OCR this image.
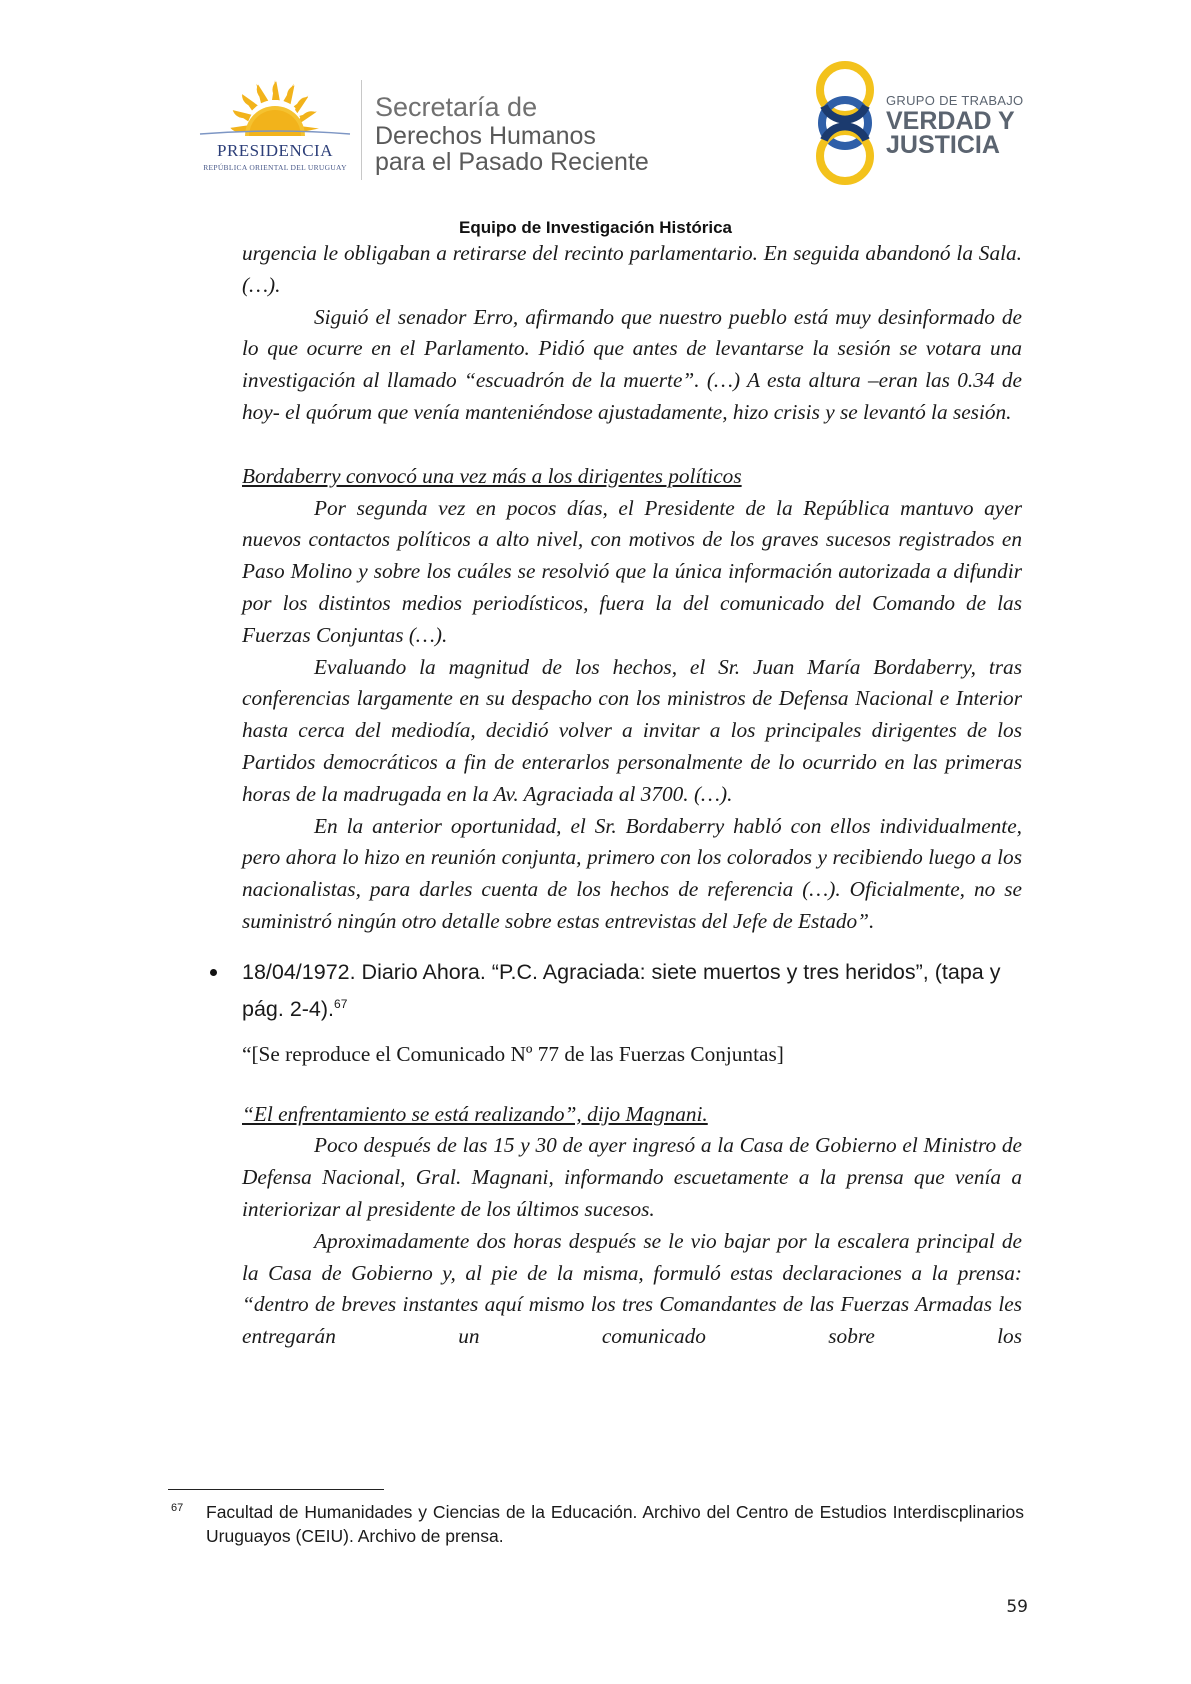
PRESIDENCIA
REPÚBLICA ORIENTAL DEL URUGUAY
Secretaría de
Derechos Humanos
para el Pasado Reciente
GRUPO DE TRABAJO
VERDAD Y
JUSTICIA
Equipo de Investigación Histórica

urgencia le obligaban a retirarse del recinto parlamentario. En seguida abandonó la Sala. (…).

Siguió el senador Erro, afirmando que nuestro pueblo está muy desinformado de lo que ocurre en el Parlamento. Pidió que antes de levantarse la sesión se votara una investigación al llamado “escuadrón de la muerte”. (…) A esta altura –eran las 0.34 de hoy- el quórum que venía manteniéndose ajustadamente, hizo crisis y se levantó la sesión.

Bordaberry convocó una vez más a los dirigentes políticos

Por segunda vez en pocos días, el Presidente de la República mantuvo ayer nuevos contactos políticos a alto nivel, con motivos de los graves sucesos registrados en Paso Molino y sobre los cuáles se resolvió que la única información autorizada a difundir por los distintos medios periodísticos, fuera la del comunicado del Comando de las Fuerzas Conjuntas (…).

Evaluando la magnitud de los hechos, el Sr. Juan María Bordaberry, tras conferencias largamente en su despacho con los ministros de Defensa Nacional e Interior hasta cerca del mediodía, decidió volver a invitar a los principales dirigentes de los Partidos democráticos a fin de enterarlos personalmente de lo ocurrido en las primeras horas de la madrugada en la Av. Agraciada al 3700. (…).

En la anterior oportunidad, el Sr. Bordaberry habló con ellos individualmente, pero ahora lo hizo en reunión conjunta, primero con los colorados y recibiendo luego a los nacionalistas, para darles cuenta de los hechos de referencia (…). Oficialmente, no se suministró ningún otro detalle sobre estas entrevistas del Jefe de Estado”.

18/04/1972. Diario Ahora. “P.C. Agraciada: siete muertos y tres heridos”, (tapa y pág. 2-4).$^{67}$

“[Se reproduce el Comunicado Nº 77 de las Fuerzas Conjuntas]

“El enfrentamiento se está realizando”, dijo Magnani.

Poco después de las 15 y 30 de ayer ingresó a la Casa de Gobierno el Ministro de Defensa Nacional, Gral. Magnani, informando escuetamente a la prensa que venía a interiorizar al presidente de los últimos sucesos.

Aproximadamente dos horas después se le vio bajar por la escalera principal de la Casa de Gobierno y, al pie de la misma, formuló estas declaraciones a la prensa: “dentro de breves instantes aquí mismo los tres Comandantes de las Fuerzas Armadas les entregarán un comunicado sobre los

67 Facultad de Humanidades y Ciencias de la Educación. Archivo del Centro de Estudios Interdiscplinarios Uruguayos (CEIU). Archivo de prensa.

59
